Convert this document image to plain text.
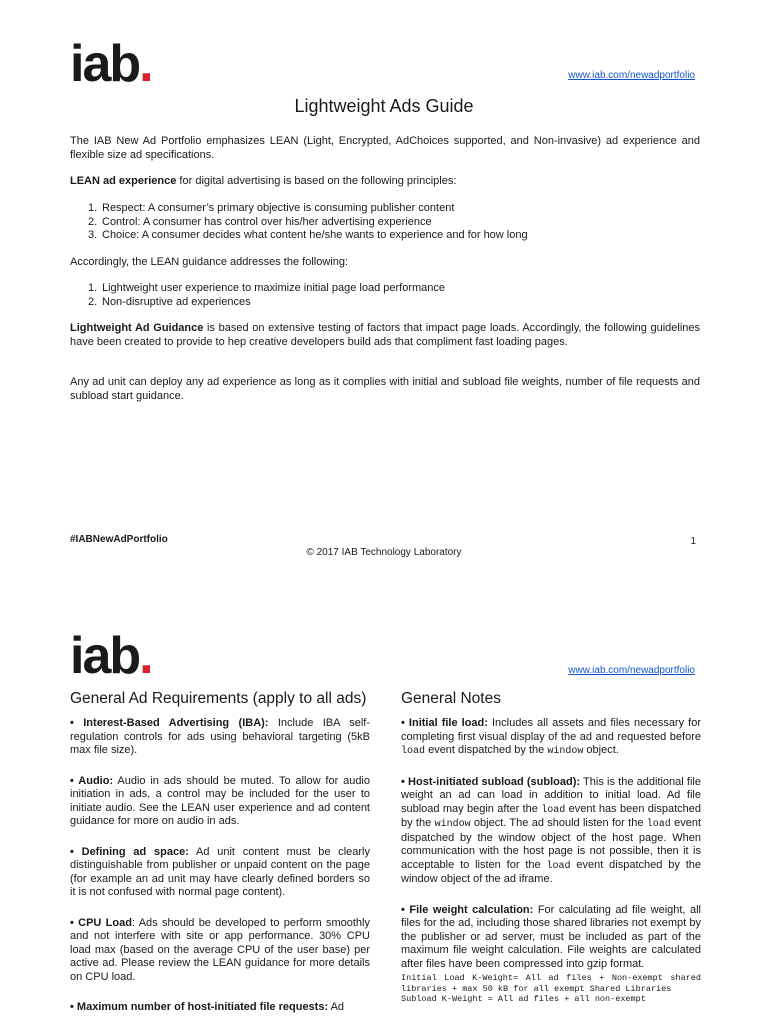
iab.	www.iab.com/newadportfolio
Lightweight Ads Guide

The IAB New Ad Portfolio emphasizes LEAN (Light, Encrypted, AdChoices supported, and Non-invasive) ad experience and flexible size ad specifications.

LEAN ad experience for digital advertising is based on the following principles:

1. Respect: A consumer’s primary objective is consuming publisher content
2. Control: A consumer has control over his/her advertising experience
3. Choice: A consumer decides what content he/she wants to experience and for how long

Accordingly, the LEAN guidance addresses the following:

1. Lightweight user experience to maximize initial page load performance
2. Non-disruptive ad experiences

Lightweight Ad Guidance is based on extensive testing of factors that impact page loads. Accordingly, the following guidelines have been created to provide to hep creative developers build ads that compliment fast loading pages.

Any ad unit can deploy any ad experience as long as it complies with initial and subload file weights, number of file requests and subload start guidance.

#IABNewAdPortfolio	1
© 2017 IAB Technology Laboratory
iab.	www.iab.com/newadportfolio
General Ad Requirements (apply to all ads)

• Interest-Based Advertising (IBA): Include IBA self-regulation controls for ads using behavioral targeting (5kB max file size).

• Audio: Audio in ads should be muted. To allow for audio initiation in ads, a control may be included for the user to initiate audio. See the LEAN user experience and ad content guidance for more on audio in ads.

• Defining ad space: Ad unit content must be clearly distinguishable from publisher or unpaid content on the page (for example an ad unit may have clearly defined borders so it is not confused with normal page content).

• CPU Load: Ads should be developed to perform smoothly and not interfere with site or app performance. 30% CPU load max (based on the average CPU of the user base) per active ad. Please review the LEAN guidance for more details on CPU load.

• Maximum number of host-initiated file requests: Ad

General Notes

• Initial file load: Includes all assets and files necessary for completing first visual display of the ad and requested before load event dispatched by the window object.

• Host-initiated subload (subload): This is the additional file weight an ad can load in addition to initial load. Ad file subload may begin after the load event has been dispatched by the window object. The ad should listen for the load event dispatched by the window object of the host page. When communication with the host page is not possible, then it is acceptable to listen for the load event dispatched by the window object of the ad iframe.

• File weight calculation: For calculating ad file weight, all files for the ad, including those shared libraries not exempt by the publisher or ad server, must be included as part of the maximum file weight calculation. File weights are calculated after files have been compressed into gzip format.

Initial Load K-Weight= All ad files + Non-exempt shared libraries + max 50 kB for all exempt Shared Libraries

Subload K-Weight = All ad files + all non-exempt
